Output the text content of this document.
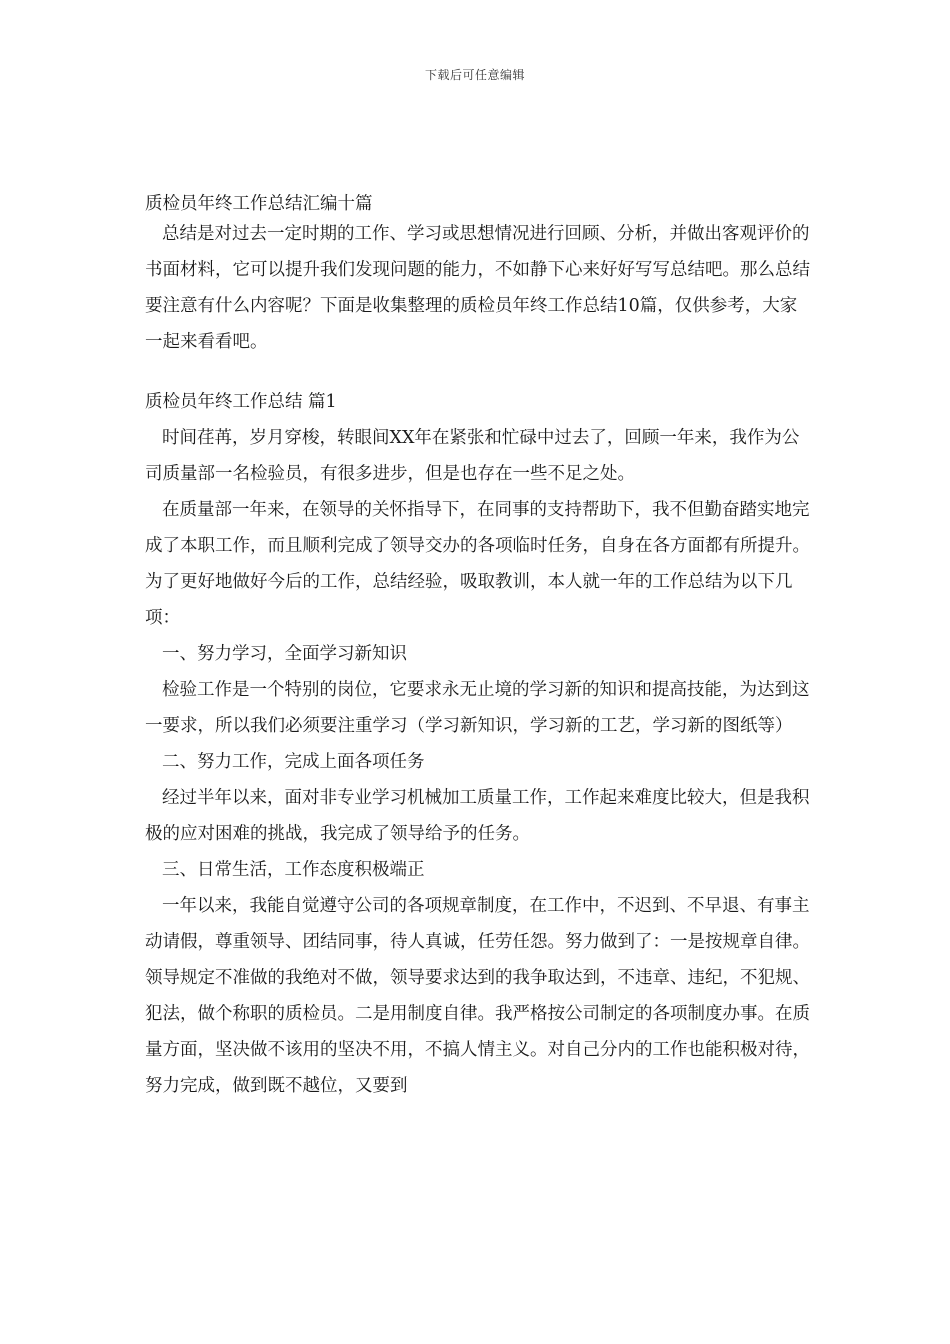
下载后可任意编辑
质检员年终工作总结汇编十篇

总结是对过去一定时期的工作、学习或思想情况进行回顾、分析，并做出客观评价的书面材料，它可以提升我们发现问题的能力，不如静下心来好好写写总结吧。那么总结要注意有什么内容呢？下面是收集整理的质检员年终工作总结10篇，仅供参考，大家一起来看看吧。

质检员年终工作总结 篇1

时间荏苒，岁月穿梭，转眼间XX年在紧张和忙碌中过去了，回顾一年来，我作为公司质量部一名检验员，有很多进步，但是也存在一些不足之处。

在质量部一年来，在领导的关怀指导下，在同事的支持帮助下，我不但勤奋踏实地完成了本职工作，而且顺利完成了领导交办的各项临时任务，自身在各方面都有所提升。为了更好地做好今后的工作，总结经验，吸取教训，本人就一年的工作总结为以下几项：

一、努力学习，全面学习新知识

检验工作是一个特别的岗位，它要求永无止境的学习新的知识和提高技能，为达到这一要求，所以我们必须要注重学习（学习新知识，学习新的工艺，学习新的图纸等）

二、努力工作，完成上面各项任务

经过半年以来，面对非专业学习机械加工质量工作，工作起来难度比较大，但是我积极的应对困难的挑战，我完成了领导给予的任务。

三、日常生活，工作态度积极端正

一年以来，我能自觉遵守公司的各项规章制度，在工作中，不迟到、不早退、有事主动请假，尊重领导、团结同事，待人真诚，任劳任怨。努力做到了：一是按规章自律。领导规定不准做的我绝对不做，领导要求达到的我争取达到，不违章、违纪，不犯规、犯法，做个称职的质检员。二是用制度自律。我严格按公司制定的各项制度办事。在质量方面，坚决做不该用的坚决不用，不搞人情主义。对自己分内的工作也能积极对待，努力完成，做到既不越位，又要到
